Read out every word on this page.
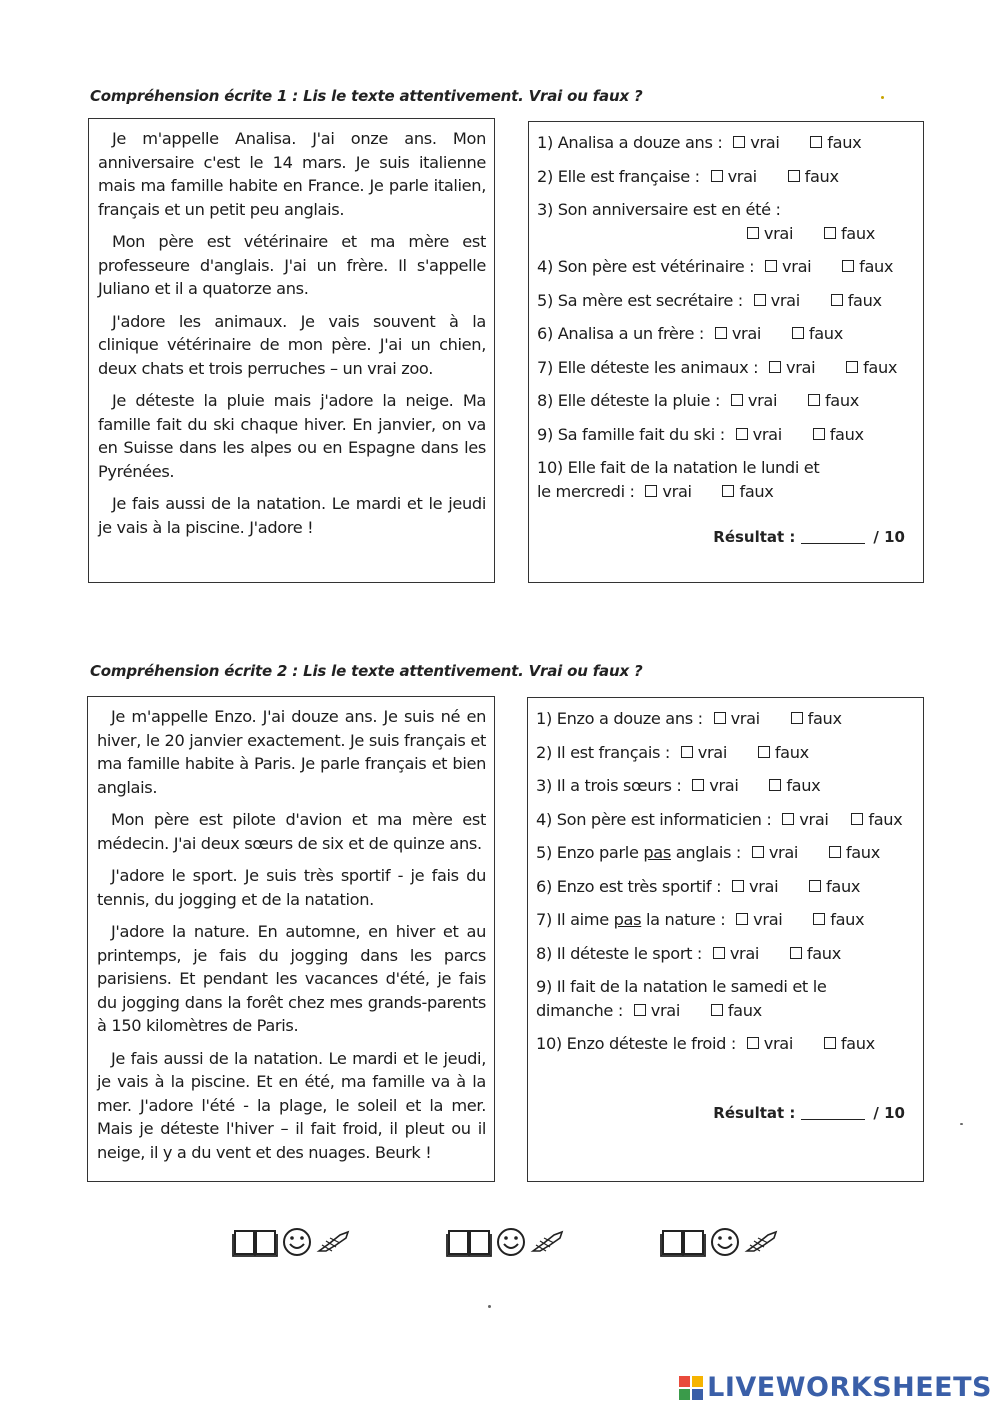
Compréhension écrite 1 : Lis le texte attentivement. Vrai ou faux ?

Je m'appelle Analisa. J'ai onze ans. Mon anniversaire c'est le 14 mars. Je suis italienne mais ma famille habite en France. Je parle italien, français et un petit peu anglais.

Mon père est vétérinaire et ma mère est professeure d'anglais. J'ai un frère. Il s'appelle Juliano et il a quatorze ans.

J'adore les animaux. Je vais souvent à la clinique vétérinaire de mon père. J'ai un chien, deux chats et trois perruches – un vrai zoo.

Je déteste la pluie mais j'adore la neige. Ma famille fait du ski chaque hiver. En janvier, on va en Suisse dans les alpes ou en Espagne dans les Pyrénées.

Je fais aussi de la natation. Le mardi et le jeudi je vais à la piscine. J'adore !

1) Analisa a douze ans : vrai	faux
2) Elle est française : vrai	faux
3) Son anniversaire est en été :
vrai	faux
4) Son père est vétérinaire : vrai	faux
5) Sa mère est secrétaire : vrai	faux
6) Analisa a un frère : vrai	faux
7) Elle déteste les animaux : vrai	faux
8) Elle déteste la pluie : vrai	faux
9) Sa famille fait du ski : vrai	faux
10) Elle fait de la natation le lundi et le mercredi : vrai	faux
Résultat :	/ 10
Compréhension écrite 2 : Lis le texte attentivement. Vrai ou faux ?

Je m'appelle Enzo. J'ai douze ans. Je suis né en hiver, le 20 janvier exactement. Je suis français et ma famille habite à Paris. Je parle français et bien anglais.

Mon père est pilote d'avion et ma mère est médecin. J'ai deux sœurs de six et de quinze ans.

J'adore le sport. Je suis très sportif - je fais du tennis, du jogging et de la natation.

J'adore la nature. En automne, en hiver et au printemps, je fais du jogging dans les parcs parisiens. Et pendant les vacances d'été, je fais du jogging dans la forêt chez mes grands-parents à 150 kilomètres de Paris.

Je fais aussi de la natation. Le mardi et le jeudi, je vais à la piscine. Et en été, ma famille va à la mer. J'adore l'été - la plage, le soleil et la mer. Mais je déteste l'hiver – il fait froid, il pleut ou il neige, il y a du vent et des nuages. Beurk !

1) Enzo a douze ans : vrai	faux
2) Il est français : vrai	faux
3) Il a trois sœurs : vrai	faux
4) Son père est informaticien : vrai faux
5) Enzo parle pas anglais : vrai	faux
6) Enzo est très sportif : vrai	faux
7) Il aime pas la nature : vrai	faux
8) Il déteste le sport : vrai	faux
9) Il fait de la natation le samedi et le dimanche : vrai	faux
10) Enzo déteste le froid : vrai	faux
Résultat :	/ 10
LIVEWORKSHEETS
